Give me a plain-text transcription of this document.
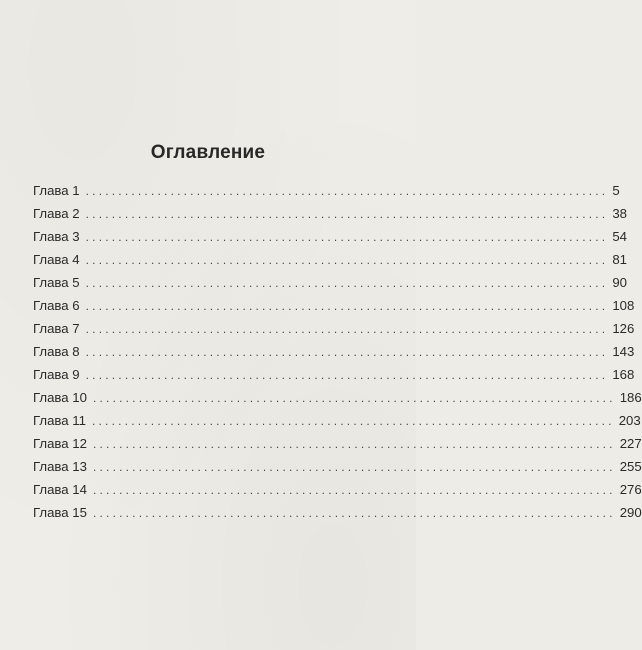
Оглавление
Глава 1 ................................................................................ 5
Глава 2 ................................................................................ 38
Глава 3 ................................................................................ 54
Глава 4 ................................................................................ 81
Глава 5 ................................................................................ 90
Глава 6 ................................................................................ 108
Глава 7 ................................................................................ 126
Глава 8 ................................................................................ 143
Глава 9 ................................................................................ 168
Глава 10 ................................................................................ 186
Глава 11 ................................................................................ 203
Глава 12 ................................................................................ 227
Глава 13 ................................................................................ 255
Глава 14 ................................................................................ 276
Глава 15 ................................................................................ 290
